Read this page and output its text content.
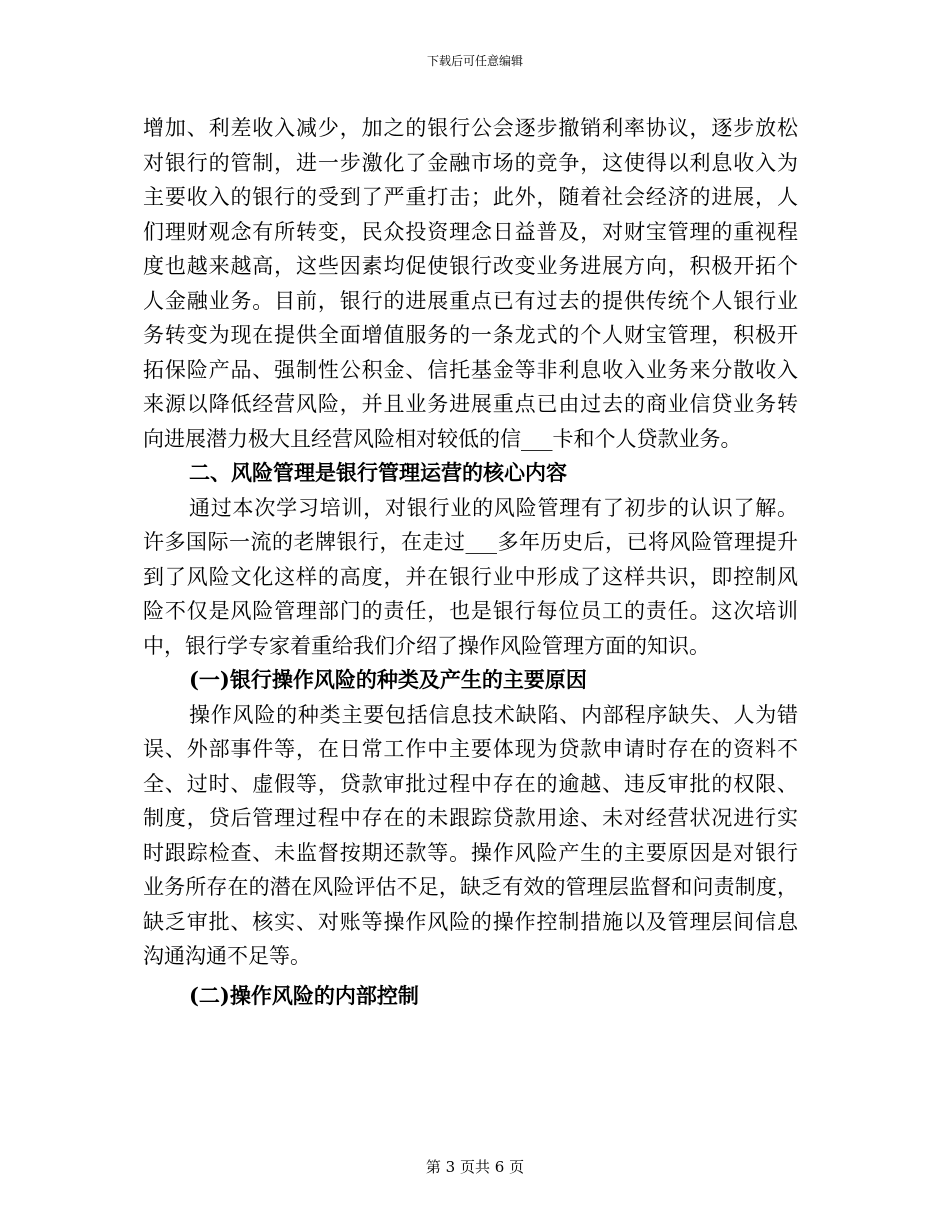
下载后可任意编辑

增加、利差收入减少，加之的银行公会逐步撤销利率协议，逐步放松
对银行的管制，进一步激化了金融市场的竞争，这使得以利息收入为
主要收入的银行的受到了严重打击；此外，随着社会经济的进展，人
们理财观念有所转变，民众投资理念日益普及，对财宝管理的重视程
度也越来越高，这些因素均促使银行改变业务进展方向，积极开拓个
人金融业务。目前，银行的进展重点已有过去的提供传统个人银行业
务转变为现在提供全面增值服务的一条龙式的个人财宝管理，积极开
拓保险产品、强制性公积金、信托基金等非利息收入业务来分散收入
来源以降低经营风险，并且业务进展重点已由过去的商业信贷业务转
向进展潜力极大且经营风险相对较低的信___卡和个人贷款业务。

二、风险管理是银行管理运营的核心内容

通过本次学习培训，对银行业的风险管理有了初步的认识了解。
许多国际一流的老牌银行，在走过___多年历史后，已将风险管理提升
到了风险文化这样的高度，并在银行业中形成了这样共识，即控制风
险不仅是风险管理部门的责任，也是银行每位员工的责任。这次培训
中，银行学专家着重给我们介绍了操作风险管理方面的知识。

(一)银行操作风险的种类及产生的主要原因

操作风险的种类主要包括信息技术缺陷、内部程序缺失、人为错
误、外部事件等，在日常工作中主要体现为贷款申请时存在的资料不
全、过时、虚假等，贷款审批过程中存在的逾越、违反审批的权限、
制度，贷后管理过程中存在的未跟踪贷款用途、未对经营状况进行实
时跟踪检查、未监督按期还款等。操作风险产生的主要原因是对银行
业务所存在的潜在风险评估不足，缺乏有效的管理层监督和问责制度，
缺乏审批、核实、对账等操作风险的操作控制措施以及管理层间信息
沟通沟通不足等。

(二)操作风险的内部控制
第 3 页共 6 页
